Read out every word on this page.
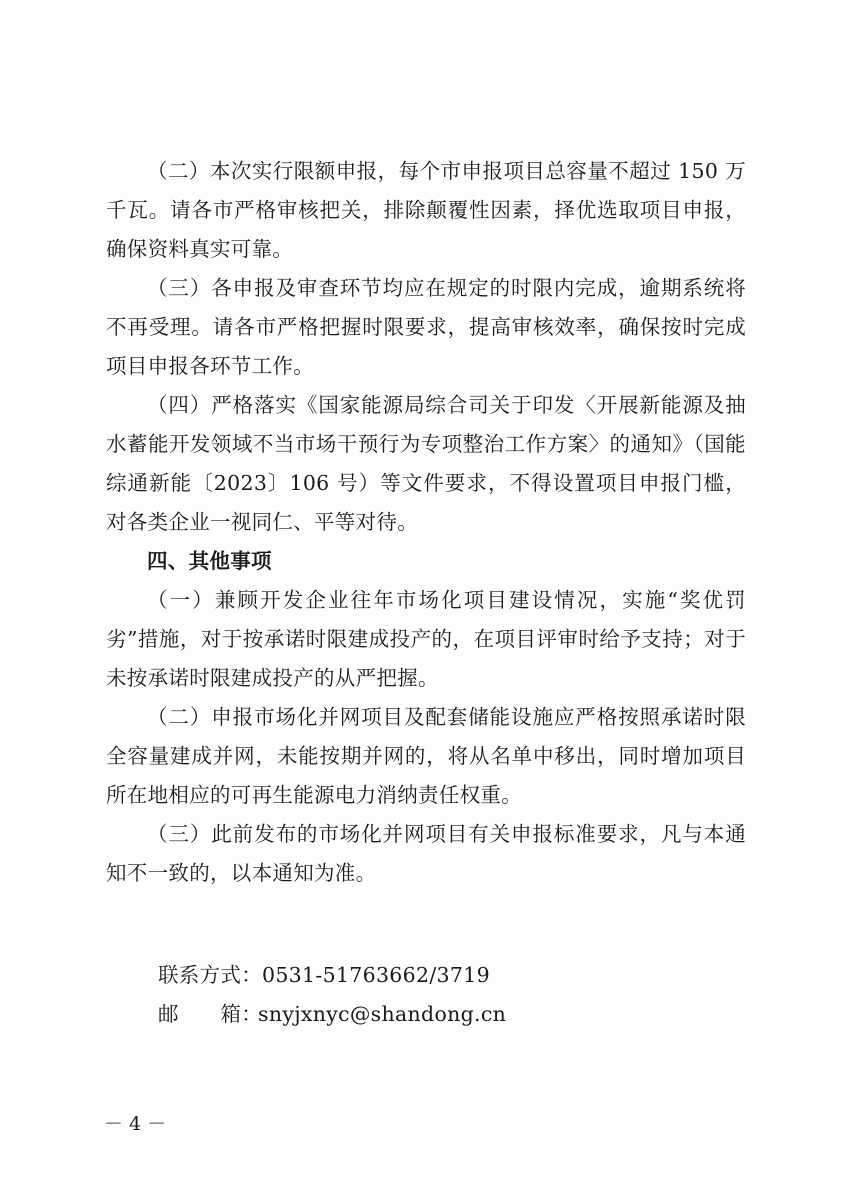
（二）本次实行限额申报，每个市申报项目总容量不超过 150 万千瓦。请各市严格审核把关，排除颠覆性因素，择优选取项目申报，确保资料真实可靠。

（三）各申报及审查环节均应在规定的时限内完成，逾期系统将不再受理。请各市严格把握时限要求，提高审核效率，确保按时完成项目申报各环节工作。

（四）严格落实《国家能源局综合司关于印发〈开展新能源及抽水蓄能开发领域不当市场干预行为专项整治工作方案〉的通知》（国能综通新能〔2023〕106 号）等文件要求，不得设置项目申报门槛，对各类企业一视同仁、平等对待。

四、其他事项

（一）兼顾开发企业往年市场化项目建设情况，实施“奖优罚劣”措施，对于按承诺时限建成投产的，在项目评审时给予支持；对于未按承诺时限建成投产的从严把握。

（二）申报市场化并网项目及配套储能设施应严格按照承诺时限全容量建成并网，未能按期并网的，将从名单中移出，同时增加项目所在地相应的可再生能源电力消纳责任权重。

（三）此前发布的市场化并网项目有关申报标准要求，凡与本通知不一致的，以本通知为准。

联系方式：0531-51763662/3719

邮　　箱：snyjxnyc@shandong.cn

－ 4 －
